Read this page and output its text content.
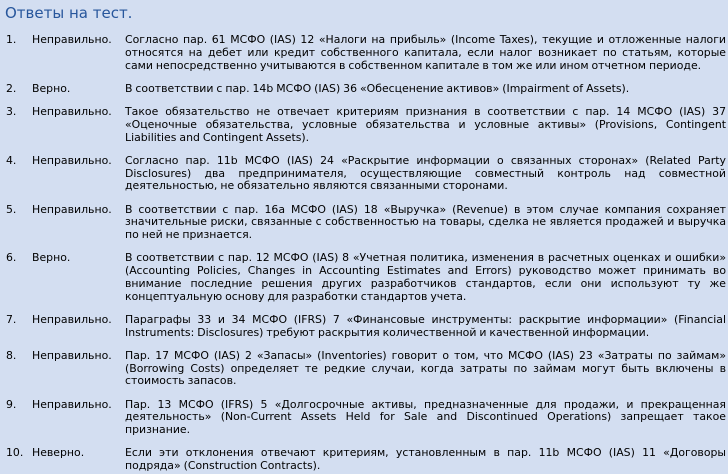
Ответы на тест.
1.	Неправильно.	Согласно пар. 61 МСФО (IAS) 12 «Налоги на прибыль» (Income Taxes), текущие и отложенные налоги относятся на дебет или кредит собственного капитала, если налог возникает по статьям, которые сами непосредственно учитываются в собственном капитале в том же или ином отчетном периоде.
2.	Верно.	В соответствии с пар. 14b МСФО (IAS) 36 «Обесценение активов» (Impairment of Assets).
3.	Неправильно.	Такое обязательство не отвечает критериям признания в соответствии с пар. 14 МСФО (IAS) 37 «Оценочные обязательства, условные обязательства и условные активы» (Provisions, Contingent Liabilities and Contingent Assets).
4.	Неправильно.	Согласно пар. 11b МСФО (IAS) 24 «Раскрытие информации о связанных сторонах» (Related Party Disclosures) два предпринимателя, осуществляющие совместный контроль над совместной деятельностью, не обязательно являются связанными сторонами.
5.	Неправильно.	В соответствии с пар. 16a МСФО (IAS) 18 «Выручка» (Revenue) в этом случае компания сохраняет значительные риски, связанные с собственностью на товары, сделка не является продажей и выручка по ней не признается.
6.	Верно.	В соответствии с пар. 12 МСФО (IAS) 8 «Учетная политика, изменения в расчетных оценках и ошибки» (Accounting Policies, Changes in Accounting Estimates and Errors) руководство может принимать во внимание последние решения других разработчиков стандартов, если они используют ту же концептуальную основу для разработки стандартов учета.
7.	Неправильно.	Параграфы 33 и 34 МСФО (IFRS) 7 «Финансовые инструменты: раскрытие информации» (Financial Instruments: Disclosures) требуют раскрытия количественной и качественной информации.
8.	Неправильно.	Пар. 17 МСФО (IAS) 2 «Запасы» (Inventories) говорит о том, что МСФО (IAS) 23 «Затраты по займам» (Borrowing Costs) определяет те редкие случаи, когда затраты по займам могут быть включены в стоимость запасов.
9.	Неправильно.	Пар. 13 МСФО (IFRS) 5 «Долгосрочные активы, предназначенные для продажи, и прекращенная деятельность» (Non-Current Assets Held for Sale and Discontinued Operations) запрещает такое признание.
10. Неверно.	Если эти отклонения отвечают критериям, установленным в пар. 11b МСФО (IAS) 11 «Договоры подряда» (Construction Contracts).
